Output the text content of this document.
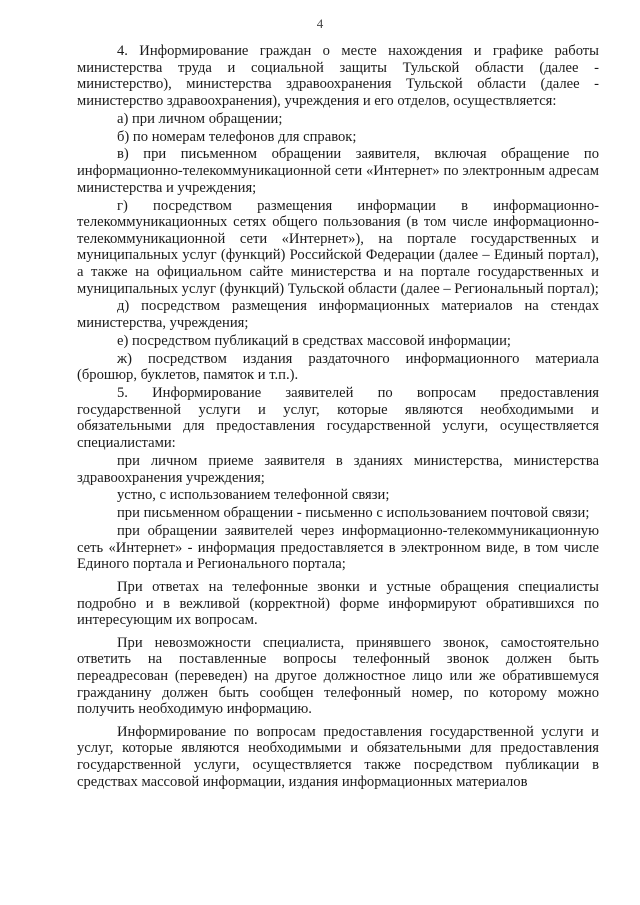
4

4. Информирование граждан о месте нахождения и графике работы министерства труда и социальной защиты Тульской области (далее - министерство), министерства здравоохранения Тульской области (далее - министерство здравоохранения), учреждения и его отделов, осуществляется:

а) при личном обращении;

б) по номерам телефонов для справок;

в) при письменном обращении заявителя, включая обращение по информационно-телекоммуникационной сети «Интернет» по электронным адресам министерства и учреждения;

г) посредством размещения информации в информационно-телекоммуникационных сетях общего пользования (в том числе информационно-телекоммуникационной сети «Интернет»), на портале государственных и муниципальных услуг (функций) Российской Федерации (далее – Единый портал), а также на официальном сайте министерства и на портале государственных и муниципальных услуг (функций) Тульской области (далее – Региональный портал);

д) посредством размещения информационных материалов на стендах министерства, учреждения;

е) посредством публикаций в средствах массовой информации;

ж) посредством издания раздаточного информационного материала (брошюр, буклетов, памяток и т.п.).

5. Информирование заявителей по вопросам предоставления государственной услуги и услуг, которые являются необходимыми и обязательными для предоставления государственной услуги, осуществляется специалистами:

при личном приеме заявителя в зданиях министерства, министерства здравоохранения учреждения;

устно, с использованием телефонной связи;

при письменном обращении - письменно с использованием почтовой связи;

при обращении заявителей через информационно-телекоммуникационную сеть «Интернет» - информация предоставляется в электронном виде, в том числе Единого портала и Регионального портала;

При ответах на телефонные звонки и устные обращения специалисты подробно и в вежливой (корректной) форме информируют обратившихся по интересующим их вопросам.

При невозможности специалиста, принявшего звонок, самостоятельно ответить на поставленные вопросы телефонный звонок должен быть переадресован (переведен) на другое должностное лицо или же обратившемуся гражданину должен быть сообщен телефонный номер, по которому можно получить необходимую информацию.

Информирование по вопросам предоставления государственной услуги и услуг, которые являются необходимыми и обязательными для предоставления государственной услуги, осуществляется также посредством публикации в средствах массовой информации, издания информационных материалов
